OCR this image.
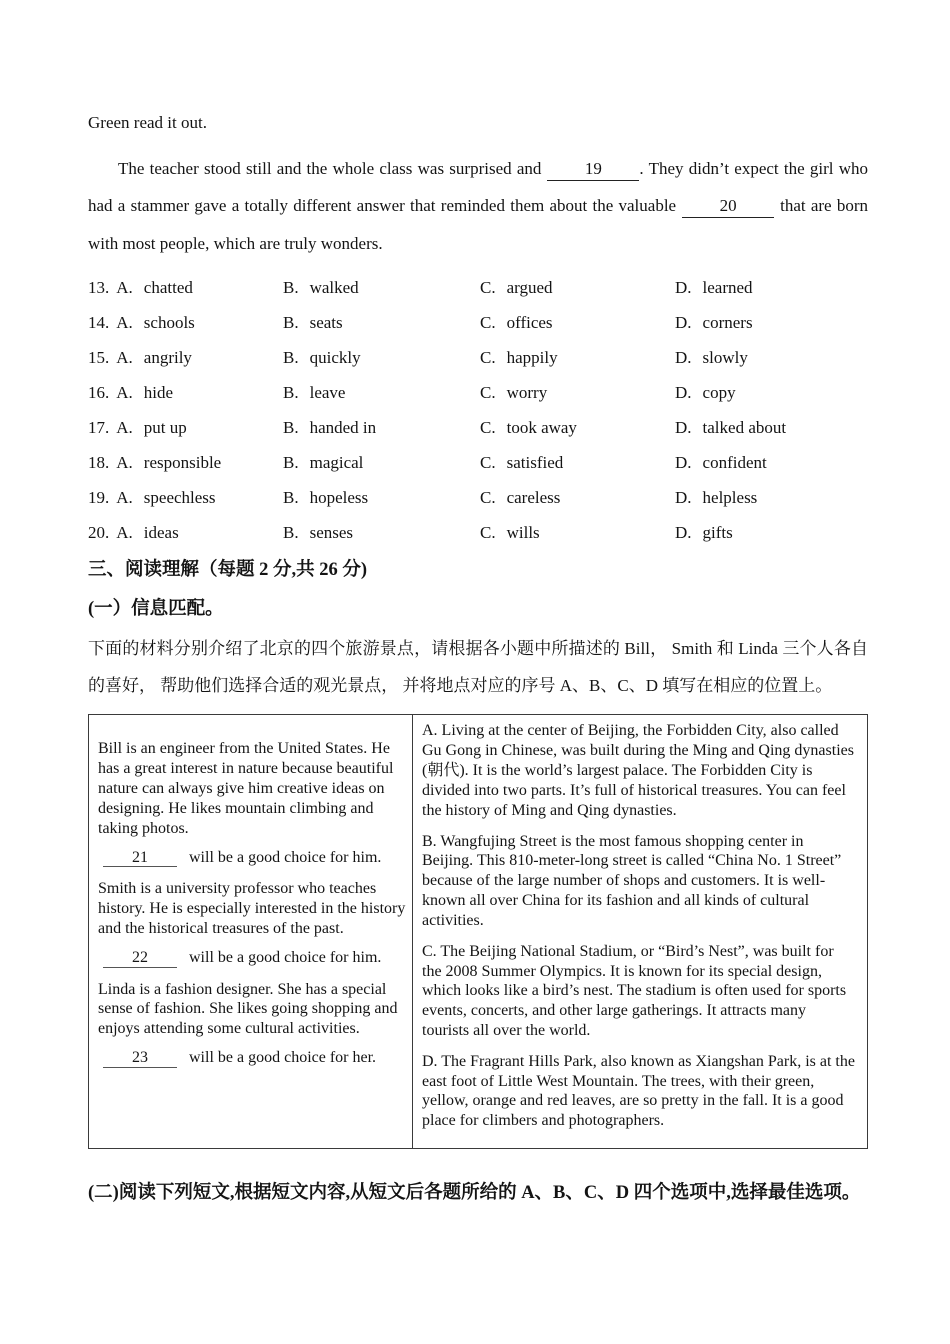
Green read it out.

The teacher stood still and the whole class was surprised and	19 . They didn’t expect the girl who had a stammer gave a totally different answer that reminded them about the valuable	20	that are born with most people, which are truly wonders.

13. A. chatted	B. walked	C. argued	D. learned
14. A. schools	B. seats	C. offices	D. corners
15. A. angrily	B. quickly	C. happily	D. slowly
16. A. hide	B. leave	C. worry	D. copy
17. A. put up	B. handed in	C. took away	D. talked about
18. A. responsible	B. magical	C. satisfied	D. confident
19. A. speechless	B. hopeless	C. careless	D. helpless
20. A. ideas	B. senses	C. wills	D. gifts
三、阅读理解（每题 2 分,共 26 分)
(一）信息匹配。

下面的材料分别介绍了北京的四个旅游景点，请根据各小题中所描述的 Bill， Smith 和 Linda 三个人各自的喜好， 帮助他们选择合适的观光景点， 并将地点对应的序号 A、B、C、D 填写在相应的位置上。

Bill is an engineer from the United States. He has a great interest in nature because beautiful nature can always give him creative ideas on designing. He likes mountain climbing and taking photos.

21	will be a good choice for him.

Smith is a university professor who teaches history. He is especially interested in the history and the historical treasures of the past.

22	will be a good choice for him.

Linda is a fashion designer. She has a special sense of fashion. She likes going shopping and enjoys attending some cultural activities.

23	will be a good choice for her.

A. Living at the center of Beijing, the Forbidden City, also called Gu Gong in Chinese, was built during the Ming and Qing dynasties (朝代). It is the world’s largest palace. The Forbidden City is divided into two parts. It’s full of historical treasures. You can feel the history of Ming and Qing dynasties.

B. Wangfujing Street is the most famous shopping center in Beijing. This 810-meter-long street is called “China No. 1 Street” because of the large number of shops and customers. It is well-known all over China for its fashion and all kinds of cultural activities.

C. The Beijing National Stadium, or “Bird’s Nest”, was built for the 2008 Summer Olympics. It is known for its special design, which looks like a bird’s nest. The stadium is often used for sports events, concerts, and other large gatherings. It attracts many tourists all over the world.

D. The Fragrant Hills Park, also known as Xiangshan Park, is at the east foot of Little West Mountain. The trees, with their green, yellow, orange and red leaves, are so pretty in the fall. It is a good place for climbers and photographers.

(二)阅读下列短文,根据短文内容,从短文后各题所给的 A、B、C、D 四个选项中,选择最佳选项。
